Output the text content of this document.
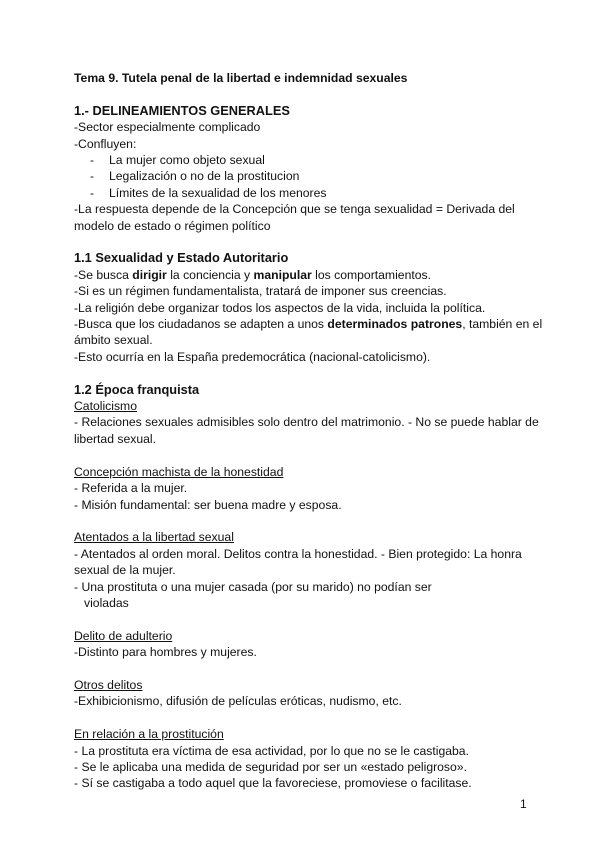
Tema 9. Tutela penal de la libertad e indemnidad sexuales

1.- DELINEAMIENTOS GENERALES

-Sector especialmente complicado

-Confluyen:

- La mujer como objeto sexual
- Legalización o no de la prostitucion
- Límites de la sexualidad de los menores

-La respuesta depende de la Concepción que se tenga sexualidad = Derivada del modelo de estado o régimen político

1.1 Sexualidad y Estado Autoritario

-Se busca dirigir la conciencia y manipular los comportamientos.

-Si es un régimen fundamentalista, tratará de imponer sus creencias.

-La religión debe organizar todos los aspectos de la vida, incluida la política.

-Busca que los ciudadanos se adapten a unos determinados patrones, también en el ámbito sexual.

-Esto ocurría en la España predemocrática (nacional-catolicismo).

1.2 Época franquista

Catolicismo

- Relaciones sexuales admisibles solo dentro del matrimonio. - No se puede hablar de libertad sexual.

Concepción machista de la honestidad

- Referida a la mujer.

- Misión fundamental: ser buena madre y esposa.

Atentados a la libertad sexual

- Atentados al orden moral. Delitos contra la honestidad. - Bien protegido: La honra sexual de la mujer.

- Una prostituta o una mujer casada (por su marido) no podían ser

violadas

Delito de adulterio

-Distinto para hombres y mujeres.

Otros delitos

-Exhibicionismo, difusión de películas eróticas, nudismo, etc.

En relación a la prostitución

- La prostituta era víctima de esa actividad, por lo que no se le castigaba.

- Se le aplicaba una medida de seguridad por ser un «estado peligroso».

- Sí se castigaba a todo aquel que la favoreciese, promoviese o facilitase.

1
